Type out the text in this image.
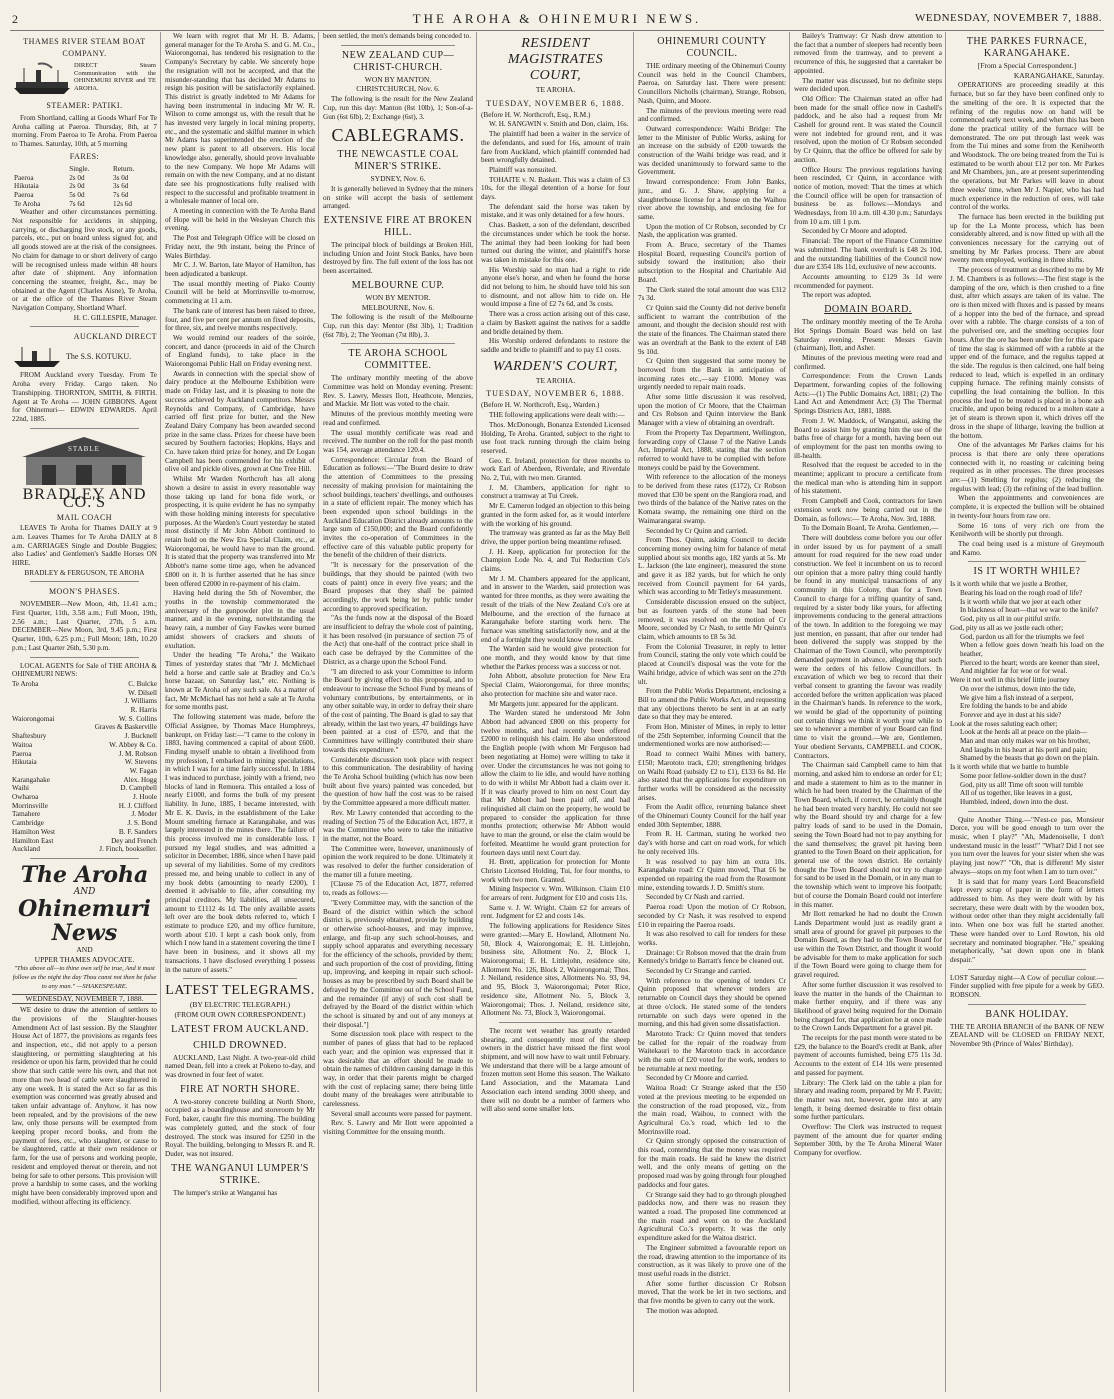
2	THE AROHA & OHINEMURI NEWS.	WEDNESDAY, NOVEMBER 7, 1888.
THAMES RIVER STEAM BOAT COMPANY.

DIRECT Steam Communication with the OHINEMURI RIVER and TE AROHA.

STEAMER: PATIKI.

From Shortland, calling at Goods Wharf For Te Aroha calling at Paeroa. Thursday, 8th, at 7 morning. From Paeroa to Te Aroha. From Paeroa to Thames. Saturday, 10th, at 5 morning

FARES:
	Single.	Return.
Paeroa	2s 0d	3s 0d
Hikutaia	2s 0d	3s 6d
Paeroa	5s 0d	7s 6d
Te Aroha	7s 6d	12s 6d

Weather and other circumstances permitting. Not responsible for accidents in shipping, carrying, or discharging live stock, or any goods, parcels, etc., put on board unless signed for, and all goods stowed are at the risk of the consignees. No claim for damage to or short delivery of cargo will be recognised unless made within 48 hours after date of shipment. Any information concerning the steamer, freight, &c., may be obtained at the Agent (Charles Aisne), Te Aroha, or at the office of the Thames River Steam Navigation Company, Shortland Wharf.

H. C. GILLESPIE, Manager.

AUCKLAND DIRECT
The S.S. KOTUKU.

FROM Auckland every Tuesday. From Te Aroha every Friday. Cargo taken. No Transhipping. THORNTON, SMITH, & FIRTH. Agent at Te Aroha — JOHN GIBBONS. Agent for Ohinemuri— EDWIN EDWARDS. April 22nd, 1885.

STABLE
BRADLEY AND CO.'S
MAIL COACH

LEAVES Te Aroha for Thames DAILY at 9 a.m. Leaves Thames for Te Aroha DAILY at 8 a.m. CARRIAGES Single and Double Buggies; also Ladies' and Gentlemen's Saddle Horses ON HIRE.

BRADLEY & FERGUSON, TE AROHA

MOON'S PHASES.

NOVEMBER—New Moon, 4th, 11.41 a.m.; First Quarter, 11th, 3.58 a.m.; Full Moon, 19th, 2.56 a.m.; Last Quarter, 27th, 5 a.m. DECEMBER—New Moon, 3rd, 9.45 p.m.; First Quarter, 10th, 6.25 p.m.; Full Moon; 18th, 10.20 p.m.; Last Quarter 26th, 5.30 p.m.

LOCAL AGENTS for Sale of THE AROHA & OHINEMURI NEWS:

Te Aroha	C. Bulcke
W. Dilsell
J. Williams
R. Harris
Waiorongomai	W. S. Collins
Graves & Baskerville
Shaftesbury	J. Bucknell
Waitoa	W. Abbey & Co.
Paeroa	J. M. Robson
Hikutaia	W. Stevens
W. Fagan
Karangahake	Alex. Hogg
Waihi	D. Campbell
Owharoa	J. Hoole
Morrinsville	H. J. Clifford
Tamahere	J. Moder
Cambridge	J. S. Bond
Hamilton West	B. F. Sanders
Hamilton East	Dey and French
Auckland	J. Finch, bookseller.
The Aroha
AND
Ohinemuri News
AND
UPPER THAMES ADVOCATE.

"This above all—to thine own self be true, And it must follow as the night the day Thou canst not then be false to any man." —SHAKESPEARE.

WEDNESDAY, NOVEMBER 7, 1888.

WE desire to draw the attention of settlers to the provisions of the Slaughter-houses Amendment Act of last session. By the Slaughter House Act of 1877, the provisions as regards fees and inspection, etc., did not apply to a person slaughtering, or permitting slaughtering at his residence or upon his farm, provided that he could show that such cattle were his own, and that not more than two head of cattle were slaughtered in any one week. It is stated the Act so far as this exemption was concerned was greatly abused and taken unfair advantage of. Anyhow, it has now been repealed, and by the provisions of the new law, only those persons will be exempted from keeping proper record books, and from the payment of fees, etc., who slaughter, or cause to be slaughtered, cattle at their own residence or farm, for the use of persons and working people, resident and employed thereat or therein, and not being for sale to other persons. This provision will prove a hardship to some cases, and the working might have been considerably improved upon and modified, without affecting its efficiency.

We learn with regret that Mr H. B. Adams, general manager for the Te Aroha S. and G. M. Co., Waiorongomai, has tendered his resignation to the Company's Secretary by cable. We sincerely hope the resignation will not be accepted, and that the misunder-standing that has decided Mr Adams to resign his position will be satisfactorily explained. This district is greatly indebted to Mr Adams for having been instrumental in inducing Mr W. R. Wilson to come amongst us, with the result that he has invested very largely in local mining property, etc., and the systematic and skilful manner in which Mr Adams has superintended the erection of the new plant is patent to all observers. His local knowledge also, generally, should prove invaluable to the new Company. We hope Mr Adams will remain on with the new Company, and at no distant date see his prognostications fully realised with respect to the successful and profitable treatment in a wholesale manner of local ore.

A meeting in connection with the Te Aroha Band of Hope will be held in the Wesleyan Church this evening.

The Post and Telegraph Office will be closed on Friday next, the 9th instant, being the Prince of Wales Birthday.

Mr C. J. W. Barton, late Mayor of Hamilton, has been adjudicated a bankrupt.

The usual monthly meeting of Piako County Council will be held at Morrinsville to-morrow, commencing at 11 a.m.

The bank rate of interest has been raised to three, four, and five per cent per annum on fixed deposits, for three, six, and twelve months respectively.

We would remind our readers of the soirée, concert, and dance (proceeds in aid of the Church of England funds), to take place in the Waiorongomai Public Hall on Friday evening next.

Awards in connection with the special show of dairy produce at the Melbourne Exhibition were made on Friday last, and it is pleasing to note the success achieved by Auckland competitors. Messrs Reynolds and Company, of Cambridge, have carried off first prize for butter, and the New Zealand Dairy Company has been awarded second prize in the same class. Prizes for cheese have been secured by Southern factories; Hopkins, Hays and Co. have taken third prize for honey, and Dr Logan Campbell has been commended for his exhibit of olive oil and pickle olives, grown at One Tree Hill.

Whilst Mr Warden Northcroft has all along shown a desire to assist in every reasonable way those taking up land for bona fide work, or prospecting, it is quite evident he has no sympathy with those holding mining interests for speculative purposes. At the Warden's Court yesterday he stated most distinctly if Mr John Abbott continued to retain hold on the New Era Special Claim, etc., at Waiorongomai, he would have to man the ground. It is stated that the property was transferred into Mr Abbott's name some time ago, when he advanced £800 on it. It is further asserted that he has since been offered £2000 in re-payment of his claim.

Having held during the 5th of November, the youths in the township commemorated the anniversary of the gunpowder plot in the usual manner, and in the evening, notwithstanding the heavy rain, a number of Guy Fawkes were burned amidst showers of crackers and shouts of exultation.

Under the heading "Te Aroha," the Waikato Times of yesterday states that "Mr J. McMichael held a horse and cattle sale at Bradley and Co.'s horse bazaar, on Saturday last," etc. Nothing is known at Te Aroha of any such sale. As a matter of fact, Mr McMichael has not held a sale at Te Aroha for some months past.

The following statement was made, before the Official Assignee, by Thomas Mace Humphreys, bankrupt, on Friday last:—"I came to the colony in 1883, having commenced a capital of about £600. Finding myself unable to obtain a livelihood from my profession, I embarked in mining speculations, in which I was for a time fairly successful. In 1884 I was induced to purchase, jointly with a friend, two blocks of land in Remuera. This entailed a loss of nearly £1000, and forms the bulk of my present liability. In June, 1885, I became interested, with Mr E. K. Davis, in the establishment of the Lake Mount smelting furnace at Karangahake, and was largely interested in the mines there. The failure of this process involved me in considerable loss. I pursued my legal studies, and was admitted a solicitor in December, 1886, since when I have paid up several of my liabilities. Some of my creditors pressed me, and being unable to collect in any of my book debts (amounting to nearly £200), I deemed it advisable to file, after consulting my principal creditors. My liabilities, all unsecured, amount to £1112 4s 1d. The only available assets left over are the book debts referred to, which I estimate to produce £20, and my office furniture, worth about £10. I kept a cash book only, from which I now hand in a statement covering the time I have been in business, and it shows all my transactions. I have disclosed everything I possess in the nature of assets."

LATEST TELEGRAMS.
(BY ELECTRIC TELEGRAPH.)
(FROM OUR OWN CORRESPONDENT.)
LATEST FROM AUCKLAND.
CHILD DROWNED.

AUCKLAND, Last Night. A two-year-old child named Dean, fell into a creek at Pokeno to-day, and was drowned in four feet of water.

FIRE AT NORTH SHORE.

A two-storey concrete building at North Shore, occupied as a boardinghouse and storeroom by Mr Ford, baker, caught fire this morning. The building was completely gutted, and the stock of four destroyed. The stock was insured for £250 in the Royal. The building, belonging to Messrs R. and R. Duder, was not insured.

THE WANGANUI LUMPER'S STRIKE.

The lumper's strike at Wanganui has

been settled, the men's demands being conceded to.

NEW ZEALAND CUP—CHRIST-CHURCH.
WON BY MANTON.
CHRISTCHURCH, Nov. 6.

The following is the result for the New Zealand Cup, run this day: Manton (8st 10lb), 1; Son-of-a-Gun (6st 6lb), 2; Exchange (6st), 3.

CABLEGRAMS.
THE NEWCASTLE COAL MINER'S STRIKE.
SYDNEY, Nov. 6.

It is generally believed in Sydney that the miners on strike will accept the basis of settlement arranged.

EXTENSIVE FIRE AT BROKEN HILL.

The principal block of buildings at Broken Hill, including Union and Joint Stock Banks, have been destroyed by fire. The full extent of the loss has not been ascertained.

MELBOURNE CUP.
WON BY MENTOR.
MELBOURNE, Nov. 6.

The following is the result of the Melbourne Cup, run this day: Mentor (8st 3lb), 1; Tradition (6st 7lb), 2; The Yeoman (7st 8lb), 3.

TE AROHA SCHOOL COMMITTEE.

The ordinary monthly meeting of the above Committee was held on Monday evening. Present: Rev. S. Lawry, Messrs Ilott, Heathcote, Menzies, and Mackie. Mr Ilott was voted to the chair.

Minutes of the previous monthly meeting were read and confirmed.

The usual monthly certificate was read and received. The number on the roll for the past month was 154, average attendance 120.4.

Correspondence: Circular from the Board of Education as follows:—"The Board desire to draw the attention of Committees to the pressing necessity of making provision for maintaining the school buildings, teachers' dwellings, and outhouses in a state of efficient repair. The money which has been expended upon school buildings in the Auckland Education District already amounts to the large sum of £150,000; and the Board confidently invites the co-operation of Committees in the effective care of this valuable public property for the benefit of the children of their districts.

"It is necessary for the preservation of the buildings, that they should be painted (with two coats of paint) once in every five years; and the Board proposes that they shall be painted accordingly, the work being let by public tender according to approved specification.

"As the funds now at the disposal of the Board are insufficient to defray the whole cost of painting, it has been resolved (in pursuance of section 75 of the Act) that one-half of the contract price shall in each case be defrayed by the Committee of the District, as a charge upon the School Fund.

"I am directed to ask your Committee to inform the Board by giving effect to this proposal, and to endeavour to increase the School Fund by means of voluntary contributions, by entertainments, or in any other suitable way, in order to defray their share of the cost of painting. The Board is glad to say that already, within the last two years, 47 buildings have been painted at a cost of £570, and that the Committees have willingly contributed their share towards this expenditure."

Considerable discussion took place with respect to this communication. The desirability of having the Te Aroha School building (which has now been built about five years) painted was conceded, but the question of how half the cost was to be raised by the Committee appeared a more difficult matter.

Rev. Mr Lawry contended that according to the reading of Section 75 of the Education Act, 1877, it was the Committee who were to take the initiative in the matter, not the Board.

The Committee were, however, unanimously of opinion the work required to be done. Ultimately it was resolved to defer the further consideration of the matter till a future meeting.

[Clause 75 of the Education Act, 1877, referred to, reads as follows:—

"Every Committee may, with the sanction of the Board of the district within which the school district is, previously obtained, provide by building or otherwise school-houses, and may improve, enlarge, and fit-up any such school-houses, and supply school apparatus and everything necessary for the efficiency of the schools, provided by them; and such proportion of the cost of providing, fitting up, improving, and keeping in repair such school-houses as may be prescribed by such Board shall be defrayed by the Committee out of the School Fund, and the remainder (if any) of such cost shall be defrayed by the Board of the district within which the school is situated by and out of any moneys at their disposal."]

Some discussion took place with respect to the number of panes of glass that had to be replaced each year; and the opinion was expressed that it was desirable that an effort should be made to obtain the names of children causing damage in this way, in order that their parents might be charged with the cost of replacing same; there being little doubt many of the breakages were attributable to carelessness.

Several small accounts were passed for payment.

Rev. S. Lawry and Mr Ilott were appointed a visiting Committee for the ensuing month.

RESIDENT MAGISTRATES COURT,
TE AROHA.
TUESDAY, NOVEMBER 6, 1888.

(Before H. W. Northcroft, Esq., R.M.)

W. H. SANGWIN v. Smith and Don, claim, 16s.

The plaintiff had been a waiter in the service of the defendants, and sued for 16s, amount of train fare from Auckland, which plaintiff contended had been wrongfully detained.

Plaintiff was nonsuited.

TOHAITE v. N. Baskett. This was a claim of £3 10s, for the illegal detention of a horse for four days.

The defendant said the horse was taken by mistake, and it was only detained for a few hours.

Chas. Baskett, a son of the defendant, described the circumstances under which he took the horse. The animal they had been looking for had been turned out during the winter, and plaintiff's horse was taken in mistake for this one.

His Worship said no man had a right to ride anyone else's horse, and when he found the horse did not belong to him, he should have told his son to dismount, and not allow him to ride on. He would impose a fine of £2 7s 6d, and 3s costs.

There was a cross action arising out of this case, a claim by Baskett against the natives for a saddle and bridle detained by them.

His Worship ordered defendants to restore the saddle and bridle to plaintiff and to pay £1 costs.

WARDEN'S COURT,
TE AROHA.
TUESDAY, NOVEMBER 6, 1888.

(Before H. W. Northcroft, Esq., Warden.)

THE following applications were dealt with:—

Thos. McDonough, Bonanza Extended Licensed Holding, Te Aroha. Granted, subject to the right to use foot track running through the claim being reserved.

Geo. E. Ireland, protection for three months to work Earl of Aberdeen, Riverdale, and Riverdale No. 2, Tui, with two men. Granted.

J. M. Chambers, application for right to construct a tramway at Tui Creek.

Mr E. Cameron lodged an objection to this being granted in the form asked for, as it would interfere with the working of his ground.

The tramway was granted as far as the May Bell drive, the upper portion being meantime refused.

J. H. Keep, application for protection for the Champion Lode No. 4, and Tui Reduction Co's claims.

Mr J. M. Chambers appeared for the applicant, and in answer to the Warden, said protection was wanted for three months, as they were awaiting the result of the trials of the New Zealand Co's ore at Melbourne, and the erection of the furnace at Karangahake before starting work here. The furnace was smelting satisfactorily now, and at the end of a fortnight they would know the result.

The Warden said he would give protection for one month, and they would know by that time whether the Parkes process was a success or not.

John Abbott, absolute protection for New Era Special Claim, Waiorongomai, for three months; also protection for machine site and water race.

Mr Margetts junr. appeared for the applicant.

The Warden stated he understood Mr John Abbott had advanced £800 on this property for twelve months, and had recently been offered £2000 to relinquish his claim. He also understood the English people (with whom Mr Ferguson had been negotiating at Home) were willing to take it over. Under the circumstances he was not going to allow the claim to lie idle, and would have nothing to do with it whilst Mr Abbott had a claim over it. If it was clearly proved to him on next Court day that Mr Abbott had been paid off, and had relinquished all claim on the property, he would be prepared to consider the application for three months protection; otherwise Mr Abbott would have to man the ground, or else the claim would be forfeited. Meantime he would grant protection for fourteen days until next Court day.

H. Brett, application for protection for Monte Christo Licensed Holding, Tui, for four months, to work with two men. Granted.

Mining Inspector v. Wm. Wilkinson. Claim £10 for arrears of rent. Judgment for £10 and costs 11s.

Same v. J. W. Wright. Claim £2 for arrears of rent. Judgment for £2 and costs 14s.

The following applications for Residence Sites were granted:—Mary E. Howland, Allotment No. 50, Block 4, Waiorongomai; E. H. Littlejohn, business site, Allotment No. 2, Block 1, Waiorongomai; E. H. Littlejohn, residence site, Allotment No. 126, Block 2, Waiorongomai; Thos. J. Neiland, residence sites, Allotments No. 93, 94, and 95, Block 3, Waiorongomai; Peter Rice, residence site, Allotment No. 5, Block 3, Waiorongomai; Thos. J. Neiland, residence site, Allotment No. 73, Block 3, Waiorongomai.

The recent wet weather has greatly retarded shearing, and consequently most of the sheep owners in the district have missed the first wool shipment, and will now have to wait until February. We understand that there will be a large amount of frozen mutton sent Home this season. The Waikato Land Association, and the Matamata Land Association each intend sending 3000 sheep, and there will no doubt be a number of farmers who will also send some smaller lots.

OHINEMURI COUNTY COUNCIL.

THE ordinary meeting of the Ohinemuri County Council was held in the Council Chambers, Paeroa, on Saturday last. There were present: Councillors Nicholls (chairman), Strange, Robson, Nash, Quinn, and Moore.

The minutes of the previous meeting were read and confirmed.

Outward correspondence: Waihi Bridge: The letter to the Minister of Public Works, asking for an increase on the subsidy of £200 towards the construction of the Waihi bridge was read, and it was decided unanimously to forward same to the Government.

Inward correspondence: From John Banks, junr., and G. J. Shaw, applying for a slaughterhouse license for a house on the Waihou river above the township, and enclosing fee for same.

Upon the motion of Cr Robson, seconded by Cr Nash, the application was granted.

From A. Bruce, secretary of the Thames Hospital Board, requesting Council's portion of subsidy toward the institution; also their subscription to the Hospital and Charitable Aid Board.

The Clerk stated the total amount due was £312 7s 3d.

Cr Quinn said the County did not derive benefit sufficient to warrant the contribution of the amount, and thought the decision should rest with the state of the finances. The Chairman stated there was an overdraft at the Bank to the extent of £48 9s 10d.

Cr Quinn then suggested that some money be borrowed from the Bank in anticipation of incoming rates etc.,—say £1000. Money was urgently needed to repair main roads.

After some little discussion it was resolved, upon the motion of Cr Moore, that the Chairman and Crs Robson and Quinn interview the Bank Manager with a view of obtaining an overdraft.

From the Property Tax Department, Wellington, forwarding copy of Clause 7 of the Native Lands Act, Imperial Act, 1888, stating that the section referred to would have to be complied with before moneys could be paid by the Government.

With reference to the allocation of the moneys to be derived from these rates (£172), Cr Robson moved that £30 be spent on the Rangiora road, and two thirds of the balance of the Native rates on the Komata swamp, the remaining one third on the Waimarangarai swamp.

Seconded by Cr Quinn and carried.

From Thos. Quinn, asking Council to decide concerning money owing him for balance of metal supplied about six months ago, 182 yards at 5s. Mr L. Jackson (the late engineer), measured the stone and gave it as 182 yards, but for which he only received from Council payment for 64 yards, which was according to Mr Tetley's measurement.

Considerable discussion ensued on the subject, but as fourteen yards of the stone had been removed, it was resolved on the motion of Cr Moore, seconded by Cr Nash, to settle Mr Quinn's claim, which amounts to £8 5s 3d.

From the Colonial Treasurer, in reply to letter from Council, stating the only vote which could be placed at Council's disposal was the vote for the Waihi bridge, advice of which was sent on the 27th ult.

From the Public Works Department, enclosing a Bill to amend the Public Works Act, and requesting that any objections thereto be sent in at an early date so that they may be entered.

From Hon. Minister of Mines, in reply to letter of the 25th September, informing Council that the undermentioned works are now authorised:—

Road to connect Waihi Mines with battery, £150; Marototo track, £20; strengthening bridges on Waihi Road (subsidy £2 to £1), £133 6s 8d. He also stated that the applications for expenditure on further works will be considered as the necessity arises.

From the Audit office, returning balance sheet of the Ohinemuri County Council for the half year ended 30th September, 1888.

From R. H. Cartman, stating he worked two day's with horse and cart on road work, for which he only received 10s.

It was resolved to pay him an extra 10s. Karangahake road: Cr Quinn moved, That £6 be expended on repairing the road from the Rosemont mine, extending towards J. D. Smith's store.

Seconded by Cr Nash and carried.

Paeroa road: Upon the motion of Cr Robson, seconded by Cr Nash, it was resolved to expend £10 in repairing the Paeroa roads.

It was also resolved to call for tenders for these works.

Drainage: Cr Robson moved that the drain from Kennedy's bridge to Barratt's fence be cleaned out.

Seconded by Cr Strange and carried.

With reference to the opening of tenders Cr Quinn proposed that whenever tenders are returnable on Council days they should be opened at three o'clock. He stated some of the tenders returnable on such days were opened in the morning, and this had given some dissatisfaction.

Marototo Track: Cr Quinn moved that tenders be called for the repair of the roadway from Waitekauri to the Marototo track in accordance with the sum of £20 voted for the work, tenders to be returnable at next meeting.

Seconded by Cr Moore and carried.

Waitoa Road: Cr Strange asked that the £50 voted at the previous meeting to be expended on the construction of the road proposed, viz., from the main road, Waihou, to connect with the Agricultural Co.'s road, which led to the Morrinsville road.

Cr Quinn strongly opposed the construction of this road, contending that the money was required for the main roads. He said he knew the district well, and the only means of getting on the proposed road was by going through four ploughed paddocks and four gates.

Cr Strange said they had to go through ploughed paddocks now, and there was no reason they wanted a road. The proposed line commenced at the main road and went on to the Auckland Agricultural Co.'s property. It was the only expenditure asked for the Waitoa district.

The Engineer submitted a favourable report on the road, drawing attention to the importance of its construction, as it was likely to prove one of the most useful roads in the district.

After some further discussion Cr Robson moved, That the work be let in two sections, and that five months be given to carry out the work.

The motion was adopted.

Bailey's Tramway: Cr Nash drew attention to the fact that a number of sleepers had recently been removed from the tramway, and to prevent a recurrence of this, he suggested that a caretaker be appointed.

The matter was discussed, but no definite steps were decided upon.

Old Office: The Chairman stated an offer had been made for the small office now in Cashell's paddock, and he also had a request from Mr Cashell for ground rent. It was stated the Council were not indebted for ground rent, and it was resolved, upon the motion of Cr Robson seconded by Cr Quinn, that the office be offered for sale by auction.

Office Hours: The previous regulations having been rescinded, Cr Quinn, in accordance with notice of motion, moved: That the times at which the Council office will be open for transaction of business be as follows:—Mondays and Wednesdays, from 10 a.m. till 4.30 p.m.; Saturdays from 10 a.m. till 1 p.m.

Seconded by Cr Moore and adopted.

Financial: The report of the Finance Committee was submitted. The bank overdraft is £48 2s 10d, and the outstanding liabilities of the Council now due are £354 18s 11d, exclusive of new accounts.

Accounts amounting to £129 3s 1d were recommended for payment.

The report was adopted.

DOMAIN BOARD.

The ordinary monthly meeting of the Te Aroha Hot Springs Domain Board was held on last Saturday evening. Present: Messrs Gavin (chairman), Ilott, and Asher.

Minutes of the previous meeting were read and confirmed.

Correspondence: From the Crown Lands Department, forwarding copies of the following Acts:—(1) The Public Domains Act, 1881; (2) The Land Act and Amendment Act; (3) The Thermal Springs Districts Act, 1881, 1888.

From J. W. Maddock, of Wanganui, asking the Board to assist him by granting him the use of the baths free of charge for a month, having been out of employment for the past ten months owing to ill-health.

Resolved that the request be acceded to in the meantime; applicant to procure a certificate from the medical man who is attending him in support of his statement.

From Campbell and Cook, contractors for lawn extension work now being carried out in the Domain, as follows:— Te Aroha, Nov. 3rd, 1888.

To the Domain Board, Te Aroha. Gentlemen,—

There will doubtless come before you our offer in order issued by us for payment of a small amount for road required for the new road under construction. We feel it incumbent on us to record our opinion that a more paltry thing could hardly be found in any municipal transactions of any community in this Colony, than for a Town Council to charge for a trifling quantity of sand, required by a sister body like yours, for affecting improvements conducing to the general attractions of the town. In addition to the foregoing we may just mention, en passant, that after our tender had been delivered the supply was stopped by the Chairman of the Town Council, who peremptorily demanded payment in advance, alleging that such were the orders of his fellow Councillors. In excavation of which we beg to record that their verbal consent to granting the favour was readily accorded before the written application was placed in the Chairman's hands. In reference to the work, we would be glad of the opportunity of pointing out certain things we think it worth your while to see to whenever a member of your Board can find time to visit the ground.—We are, Gentlemen, Your obedient Servants, CAMPBELL and COOK, Contractors.

The Chairman said Campbell came to him that morning, and asked him to endorse an order for £1; and made a statement to him as to the manner in which he had been treated by the Chairman of the Town Board, which, if correct, he certainly thought he had been treated very harshly. He could not see why the Board should try and charge for a few paltry loads of sand to be used in the Domain, seeing the Town Board had not to pay anything for the sand themselves; the gravel pit having been granted to the Town Board on their application, for general use of the town district. He certainly thought the Town Board should not try to charge for sand to be used in the Domain, or in any man to the township which went to improve his footpath; but of course the Domain Board could not interfere in this matter.

Mr Ilott remarked he had no doubt the Crown Lands Department would just as readily grant a small area of ground for gravel pit purposes to the Domain Board, as they had to the Town Board for use within the Town District, and thought it would be advisable for them to make application for such if the Town Board were going to charge them for gravel required.

After some further discussion it was resolved to leave the matter in the hands of the Chairman to make further enquiry, and if there was any likelihood of gravel being required for the Domain being charged for, that application be at once made to the Crown Lands Department for a gravel pit.

The receipts for the past month were stated to be £29, the balance to the Board's credit at Bank, after payment of accounts furnished, being £75 11s 3d. Accounts to the extent of £14 10s were presented and passed for payment.

Library: The Clerk laid on the table a plan for library and reading room, prepared by Mr F. Pavitt; the matter was not, however, gone into at any length, it being deemed desirable to first obtain some further particulars.

Overflow: The Clerk was instructed to request payment of the amount due for quarter ending September 30th, by the Te Aroha Mineral Water Company for overflow.

THE PARKES FURNACE, KARANGAHAKE.
[From a Special Correspondent.]
KARANGAHAKE, Saturday.

OPERATIONS are proceeding steadily at this furnace, but so far they have been confined only to the smelting of the ore. It is expected that the refining of the regulus now on hand will be commenced early next week, and when this has been done the practical utility of the furnace will be demonstrated. The ore put through last week was from the Tui mines and some from the Kenilworth and Woodstock. The ore being treated from the Tui is estimated to be worth about £12 per ton. Mr Parkes and Mr Chambers, jun., are at present superintending the operations, but Mr Parkes will leave in about three weeks' time, when Mr J. Napier, who has had much experience in the reduction of ores, will take control of the works.

The furnace has been erected in the building put up for the La Monte process, which has been considerably altered, and is now fitted up with all the conveniences necessary for the carrying out of smelting by Mr Parkes process. There are about twenty men employed, working in three shifts.

The process of treatment as described to me by Mr J. M. Chambers is as follows:—The first stage is the damping of the ore, which is then crushed to a fine dust, after which assays are taken of its value. The ore is then mixed with fluxes and is passed by means of a hopper into the bed of the furnace, and spread over with a rabble. The charge consists of a ton of the pulverised ore, and the smelting occupies four hours. After the ore has been under fire for this space of time the slag is skimmed off with a rabble at the upper end of the furnace, and the regulus tapped at the side. The regulus is then calcined, one half being reduced to lead, which is expelled in an ordinary cupping furnace. The refining mainly consists of cupelling the lead containing the bullion. In this process the lead to be treated is placed in a bone ash crucible, and upon being reduced to a molten state a jet of steam is thrown upon it, which drives off the dross in the shape of litharge, leaving the bullion at the bottom.

One of the advantages Mr Parkes claims for his process is that there are only three operations connected with it, no roasting or calcining being required as in other processes. The three processes are:—(1) Smelting for regulus; (2) reducing the regulus with lead; (3) the refining of the lead bullion.

When the appointments and conveniences are complete, it is expected the bullion will be obtained in twenty-four hours from raw ore.

Some 16 tons of very rich ore from the Kenilworth will be shortly put through.

The coal being used is a mixture of Greymouth and Kamo.

IS IT WORTH WHILE?

Is it worth while that we jostle a Brother,

Bearing his load on the rough road of life?

Is it worth while that we jeer at each other

In blackness of heart—that we war to the knife?

God, pity us all in our pitiful strife.

God, pity us all as we jostle each other;

God, pardon us all for the triumphs we feel

When a fellow goes down 'neath his load on the heather,

Pierced to the heart; words are keener than steel,

And mightier far for woe or for weal.

Were it not well in this brief little journey

On over the isthmus, down into the tide,

We give him a fish instead of a serpent,

Ere folding the hands to be and abide

Forever and aye in dust at his side?

Look at the roses saluting each other;

Look at the herds all at peace on the plain—

Man and man only makes war on his brother,

And laughs in his heart at his peril and pain;

Shamed by the beasts that go down on the plain.

Is it worth while that we battle to humble

Some poor fellow-soldier down in the dust?

God, pity us all! Time oft soon will tumble

All of us together, like leaves in a gust,

Humbled, indeed, down into the dust.

Quite Another Thing.—"N'est-ce pas, Monsieur Dorce, you will be good enough to turn over the music, when I play?" "Ah, Madenoiselle, I don't understand music in the least!" "What? Did I not see you turn over the leaves for your sister when she was playing just now?" "Oh, that is different! My sister always—stops on my foot when I am to turn over."

It is said that for many years Lord Beaconsfield kept every scrap of paper in the form of letters addressed to him. As they were dealt with by his secretary, these were dealt with by the wooden box, without order other than they might accidentally fall into. When one box was full he started another. These were handed over to Lord Rowton, his old secretary and nominated biographer. "He," speaking metaphorically, "sat down upon one in blank despair."

LOST Saturday night—A Cow of peculiar colour.—Finder supplied with free pipule for a week by GEO. ROBSON.

BANK HOLIDAY.

THE TE AROHA BRANCH of the BANK OF NEW ZEALAND will be CLOSED on FRIDAY NEXT, November 9th (Prince of Wales' Birthday).
